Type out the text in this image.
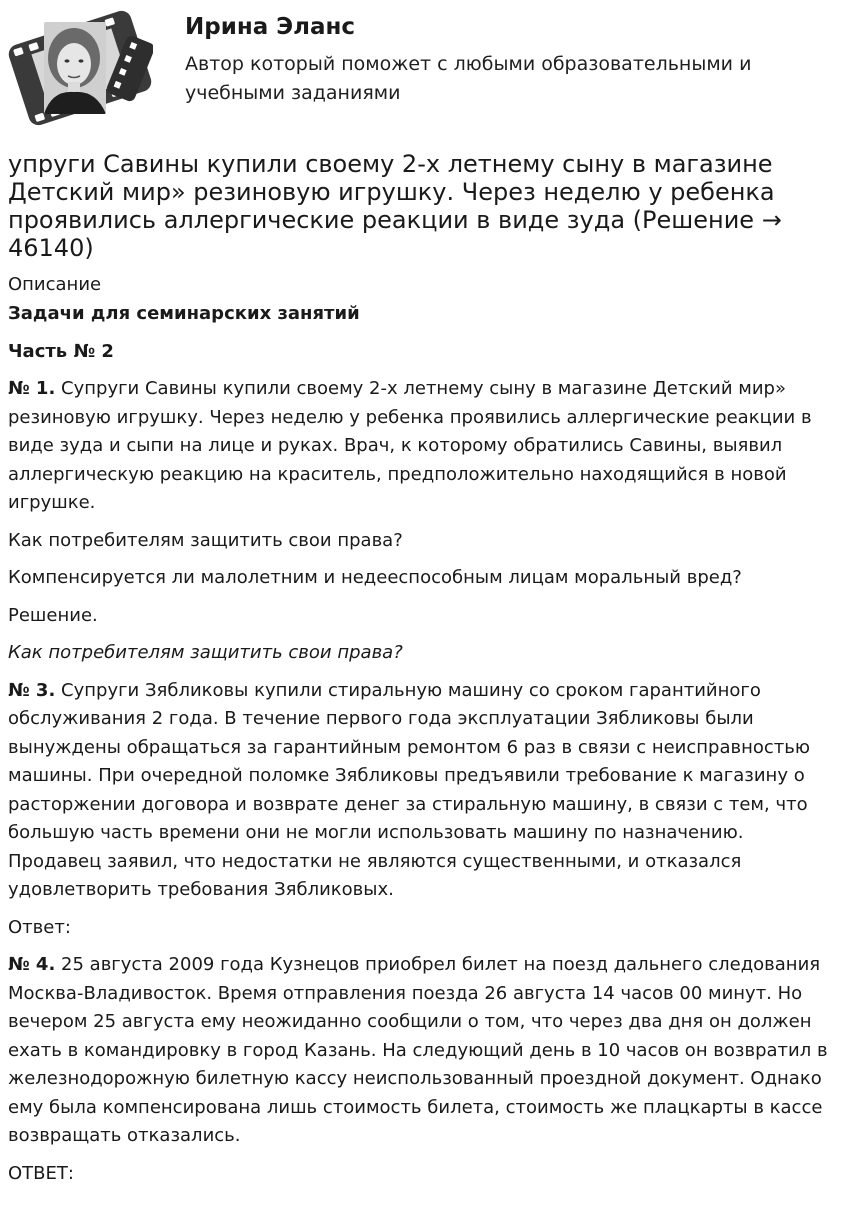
Ирина Эланс
Автор который поможет с любыми образовательными и учебными заданиями
упруги Савины купили своему 2-х летнему сыну в магазине Детский мир» резиновую игрушку. Через неделю у ребенка проявились аллергические реакции в виде зуда (Решение → 46140)
Описание
Задачи для семинарских занятий
Часть № 2

№ 1. Супруги Савины купили своему 2-х летнему сыну в магазине Детский мир» резиновую игрушку. Через неделю у ребенка проявились аллергические реакции в виде зуда и сыпи на лице и руках. Врач, к которому обратились Савины, выявил аллергическую реакцию на краситель, предположительно находящийся в новой игрушке.

Как потребителям защитить свои права?

Компенсируется ли малолетним и недееспособным лицам моральный вред?

Решение.

Как потребителям защитить свои права?

№ 3. Супруги Зябликовы купили стиральную машину со сроком гарантийного обслуживания 2 года. В течение первого года эксплуатации Зябликовы были вынуждены обращаться за гарантийным ремонтом 6 раз в связи с неисправностью машины. При очередной поломке Зябликовы предъявили требование к магазину о расторжении договора и возврате денег за стиральную машину, в связи с тем, что большую часть времени они не могли использовать машину по назначению. Продавец заявил, что недостатки не являются существенными, и отказался удовлетворить требования Зябликовых.

Ответ:

№ 4. 25 августа 2009 года Кузнецов приобрел билет на поезд дальнего следования Москва-Владивосток. Время отправления поезда 26 августа 14 часов 00 минут. Но вечером 25 августа ему неожиданно сообщили о том, что через два дня он должен ехать в командировку в город Казань. На следующий день в 10 часов он возвратил в железнодорожную билетную кассу неиспользованный проездной документ. Однако ему была компенсирована лишь стоимость билета, стоимость же плацкарты в кассе возвращать отказались.

ОТВЕТ:
